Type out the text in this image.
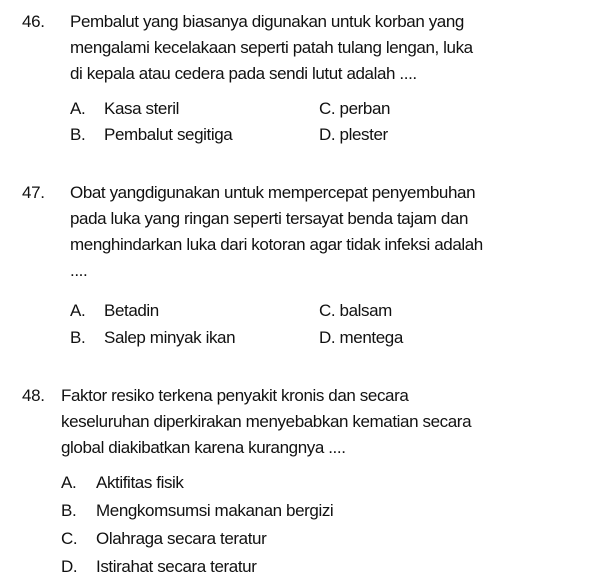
46. Pembalut yang biasanya digunakan untuk korban yang
mengalami kecelakaan seperti patah tulang lengan, luka
di kepala atau cedera pada sendi lutut adalah ....
A. Kasa steril
B. Pembalut segitiga
C. perban
D. plester
47. Obat yangdigunakan untuk mempercepat penyembuhan
pada luka yang ringan seperti tersayat benda tajam dan
menghindarkan luka dari kotoran agar tidak infeksi adalah
....
A. Betadin
B. Salep minyak ikan
C. balsam
D. mentega
48. Faktor resiko terkena penyakit kronis dan secara
keseluruhan diperkirakan menyebabkan kematian secara
global diakibatkan karena kurangnya ....
A. Aktifitas fisik
B. Mengkomsumsi makanan bergizi
C. Olahraga secara teratur
D. Istirahat secara teratur
